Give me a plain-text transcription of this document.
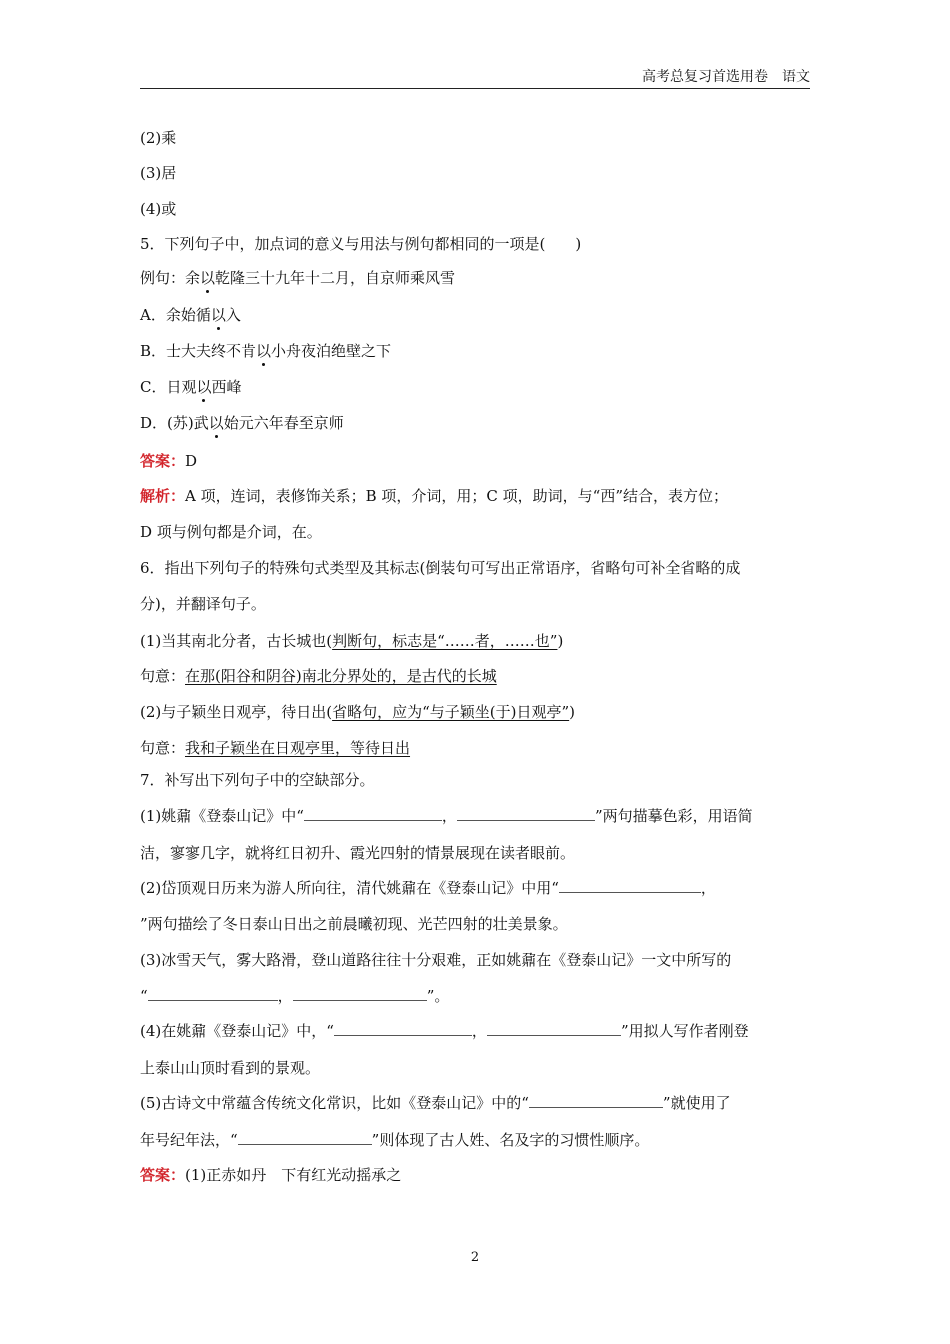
高考总复习首选用卷　语文
(2)乘
(3)居
(4)或
5．下列句子中，加点词的意义与用法与例句都相同的一项是(　　)
例句：余以乾隆三十九年十二月，自京师乘风雪
A．余始循以入
B．士大夫终不肯以小舟夜泊绝壁之下
C．日观以西峰
D．(苏)武以始元六年春至京师
答案：D
解析：A 项，连词，表修饰关系；B 项，介词，用；C 项，助词，与“西”结合，表方位；
D 项与例句都是介词，在。
6．指出下列句子的特殊句式类型及其标志(倒装句可写出正常语序，省略句可补全省略的成
分)，并翻译句子。
(1)当其南北分者，古长城也(判断句，标志是“……者，……也”)
句意：在那(阳谷和阴谷)南北分界处的，是古代的长城
(2)与子颖坐日观亭，待日出(省略句，应为“与子颖坐(于)日观亭”)
句意：我和子颖坐在日观亭里，等待日出
7．补写出下列句子中的空缺部分。
(1)姚鼐《登泰山记》中“	，	”两句描摹色彩，用语简
洁，寥寥几字，就将红日初升、霞光四射的情景展现在读者眼前。
(2)岱顶观日历来为游人所向往，清代姚鼐在《登泰山记》中用“	，
”两句描绘了冬日泰山日出之前晨曦初现、光芒四射的壮美景象。
(3)冰雪天气，雾大路滑，登山道路往往十分艰难，正如姚鼐在《登泰山记》一文中所写的
“	，	”。
(4)在姚鼐《登泰山记》中，“	，	”用拟人写作者刚登
上泰山山顶时看到的景观。
(5)古诗文中常蕴含传统文化常识，比如《登泰山记》中的“	”就使用了
年号纪年法，“	”则体现了古人姓、名及字的习惯性顺序。
答案：(1)正赤如丹　下有红光动摇承之
2
